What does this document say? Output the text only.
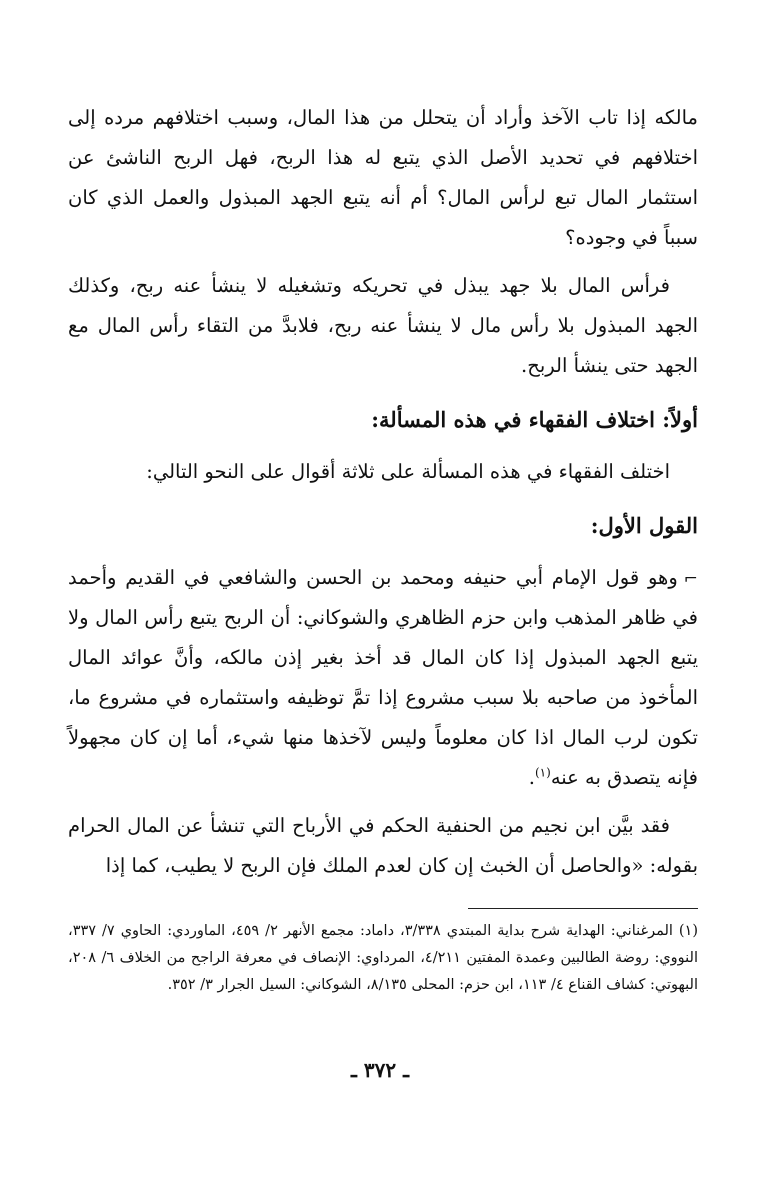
مالكه إذا تاب الآخذ وأراد أن يتحلل من هذا المال، وسبب اختلافهم مرده إلى اختلافهم في تحديد الأصل الذي يتبع له هذا الربح، فهل الربح الناشئ عن استثمار المال تبع لرأس المال؟ أم أنه يتبع الجهد المبذول والعمل الذي كان سبباً في وجوده؟

فرأس المال بلا جهد يبذل في تحريكه وتشغيله لا ينشأ عنه ربح، وكذلك الجهد المبذول بلا رأس مال لا ينشأ عنه ربح، فلابدَّ من التقاء رأس المال مع الجهد حتى ينشأ الربح.

أولاً: اختلاف الفقهاء في هذه المسألة:

اختلف الفقهاء في هذه المسألة على ثلاثة أقوال على النحو التالي:

القول الأول:

⌐وهو قول الإمام أبي حنيفه ومحمد بن الحسن والشافعي في القديم وأحمد في ظاهر المذهب وابن حزم الظاهري والشوكاني: أن الربح يتبع رأس المال ولا يتبع الجهد المبذول إذا كان المال قد أخذ بغير إذن مالكه، وأنَّ عوائد المال المأخوذ من صاحبه بلا سبب مشروع إذا تمَّ توظيفه واستثماره في مشروع ما، تكون لرب المال اذا كان معلوماً وليس لآخذها منها شيء، أما إن كان مجهولاً فإنه يتصدق به عنه$^{(١)}$.

فقد بيَّن ابن نجيم من الحنفية الحكم في الأرباح التي تنشأ عن المال الحرام بقوله: «والحاصل أن الخبث إن كان لعدم الملك فإن الربح لا يطيب، كما إذا

(١) المرغناني: الهداية شرح بداية المبتدي ٣/٣٣٨، داماد: مجمع الأنهر ٢/ ٤٥٩، الماوردي: الحاوي ٧/ ٣٣٧، النووي: روضة الطالبين وعمدة المفتين ٤/٢١١، المرداوي: الإنصاف في معرفة الراجح من الخلاف ٦/ ٢٠٨، البهوتي: كشاف القناع ٤/ ١١٣، ابن حزم: المحلى ٨/١٣٥، الشوكاني: السيل الجرار ٣/ ٣٥٢.
ـ ٣٧٢ ـ
